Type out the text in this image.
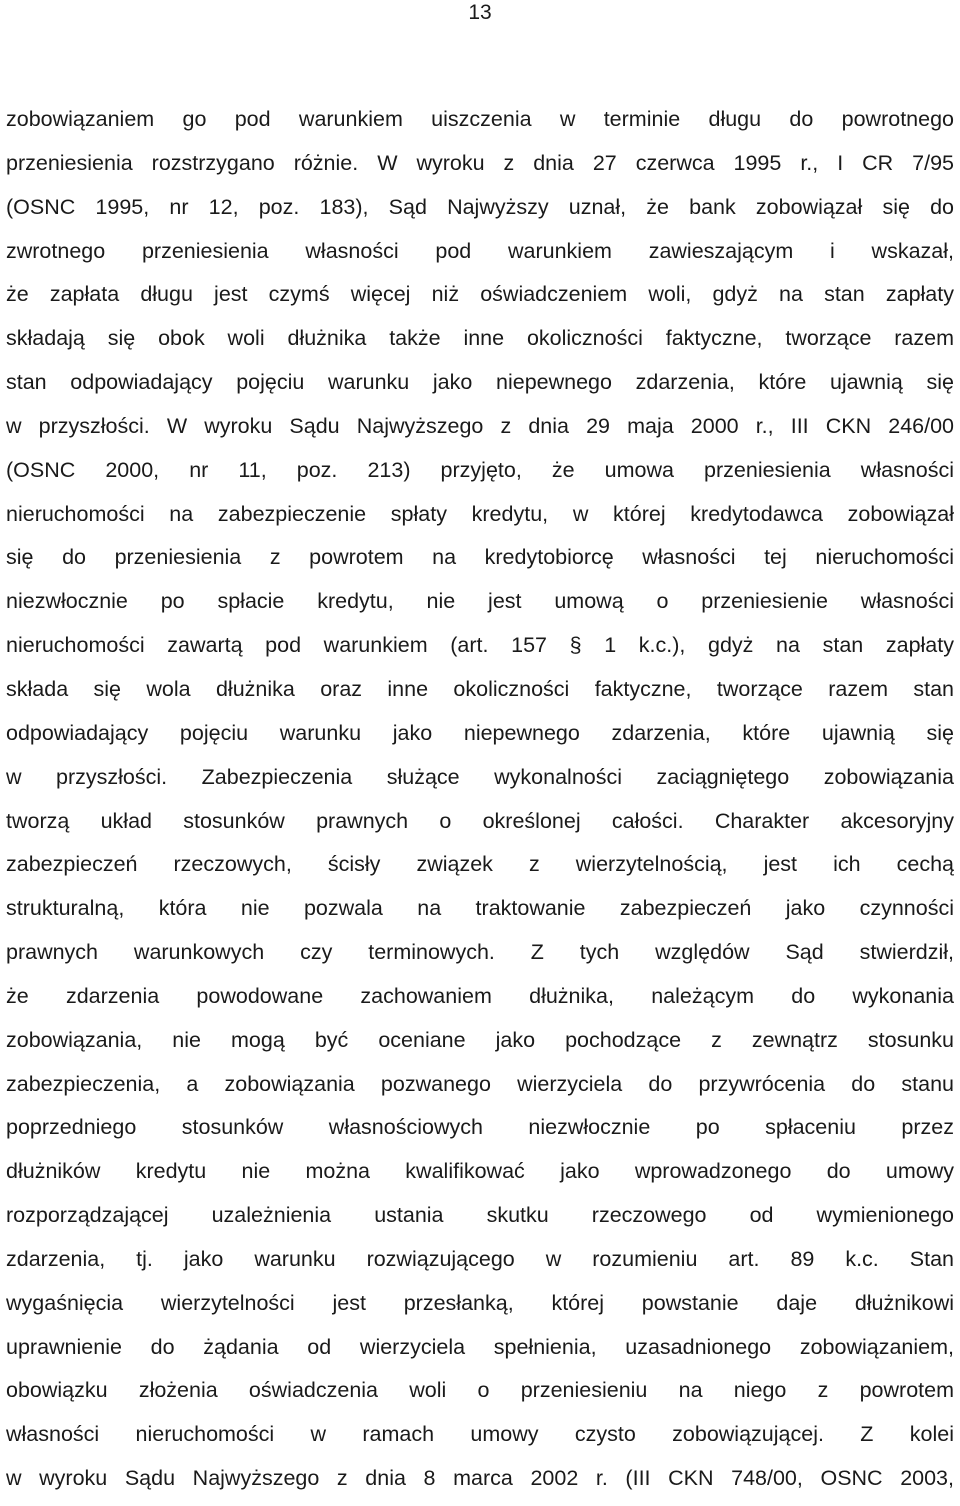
13
zobowiązaniem go pod warunkiem uiszczenia w terminie długu do powrotnego
przeniesienia rozstrzygano różnie. W wyroku z dnia 27 czerwca 1995 r., I CR 7/95
(OSNC 1995, nr 12, poz. 183), Sąd Najwyższy uznał, że bank zobowiązał się do
zwrotnego przeniesienia własności pod warunkiem zawieszającym i wskazał,
że zapłata długu jest czymś więcej niż oświadczeniem woli, gdyż na stan zapłaty
składają się obok woli dłużnika także inne okoliczności faktyczne, tworzące razem
stan odpowiadający pojęciu warunku jako niepewnego zdarzenia, które ujawnią się
w przyszłości. W wyroku Sądu Najwyższego z dnia 29 maja 2000 r., III CKN 246/00
(OSNC 2000, nr 11, poz. 213) przyjęto, że umowa przeniesienia własności
nieruchomości na zabezpieczenie spłaty kredytu, w której kredytodawca zobowiązał
się do przeniesienia z powrotem na kredytobiorcę własności tej nieruchomości
niezwłocznie po spłacie kredytu, nie jest umową o przeniesienie własności
nieruchomości zawartą pod warunkiem (art. 157 § 1 k.c.), gdyż na stan zapłaty
składa się wola dłużnika oraz inne okoliczności faktyczne, tworzące razem stan
odpowiadający pojęciu warunku jako niepewnego zdarzenia, które ujawnią się
w przyszłości. Zabezpieczenia służące wykonalności zaciągniętego zobowiązania
tworzą układ stosunków prawnych o określonej całości. Charakter akcesoryjny
zabezpieczeń rzeczowych, ścisły związek z wierzytelnością, jest ich cechą
strukturalną, która nie pozwala na traktowanie zabezpieczeń jako czynności
prawnych warunkowych czy terminowych. Z tych względów Sąd stwierdził,
że zdarzenia powodowane zachowaniem dłużnika, należącym do wykonania
zobowiązania, nie mogą być oceniane jako pochodzące z zewnątrz stosunku
zabezpieczenia, a zobowiązania pozwanego wierzyciela do przywrócenia do stanu
poprzedniego stosunków własnościowych niezwłocznie po spłaceniu przez
dłużników kredytu nie można kwalifikować jako wprowadzonego do umowy
rozporządzającej uzależnienia ustania skutku rzeczowego od wymienionego
zdarzenia, tj. jako warunku rozwiązującego w rozumieniu art. 89 k.c. Stan
wygaśnięcia wierzytelności jest przesłanką, której powstanie daje dłużnikowi
uprawnienie do żądania od wierzyciela spełnienia, uzasadnionego zobowiązaniem,
obowiązku złożenia oświadczenia woli o przeniesieniu na niego z powrotem
własności nieruchomości w ramach umowy czysto zobowiązującej. Z kolei
w wyroku Sądu Najwyższego z dnia 8 marca 2002 r. (III CKN 748/00, OSNC 2003,
